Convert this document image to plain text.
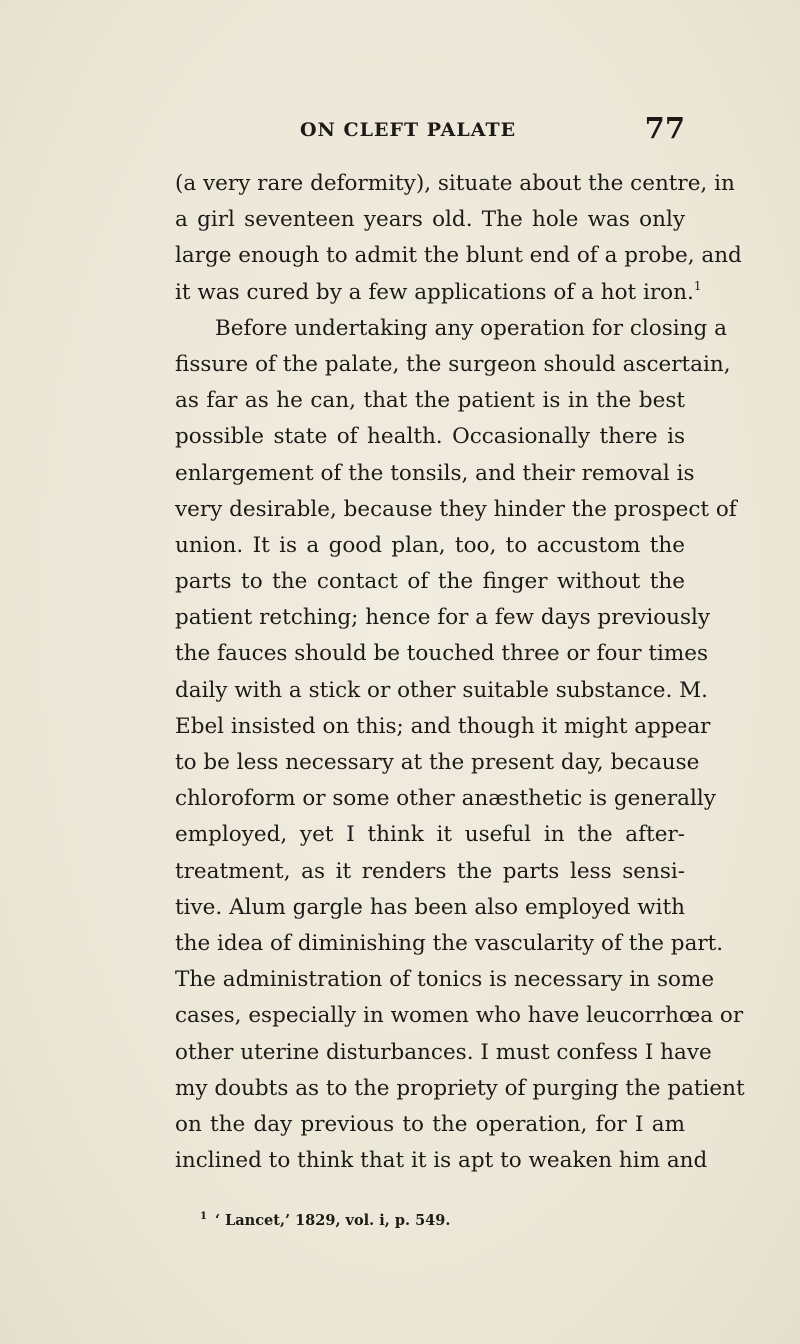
ON CLEFT PALATE	77
(a very rare deformity), situate about the centre, in
a girl seventeen years old. The hole was only
large enough to admit the blunt end of a probe, and
it was cured by a few applications of a hot iron.$^1$
Before undertaking any operation for closing a
fissure of the palate, the surgeon should ascertain,
as far as he can, that the patient is in the best
possible state of health. Occasionally there is
enlargement of the tonsils, and their removal is
very desirable, because they hinder the prospect of
union. It is a good plan, too, to accustom the
parts to the contact of the finger without the
patient retching; hence for a few days previously
the fauces should be touched three or four times
daily with a stick or other suitable substance. M.
Ebel insisted on this; and though it might appear
to be less necessary at the present day, because
chloroform or some other anæsthetic is generally
employed, yet I think it useful in the after-
treatment, as it renders the parts less sensi-
tive. Alum gargle has been also employed with
the idea of diminishing the vascularity of the part.
The administration of tonics is necessary in some
cases, especially in women who have leucorrhœa or
other uterine disturbances. I must confess I have
my doubts as to the propriety of purging the patient
on the day previous to the operation, for I am
inclined to think that it is apt to weaken him and
$^1$ ‘ Lancet,’ 1829, vol. i, p. 549.
